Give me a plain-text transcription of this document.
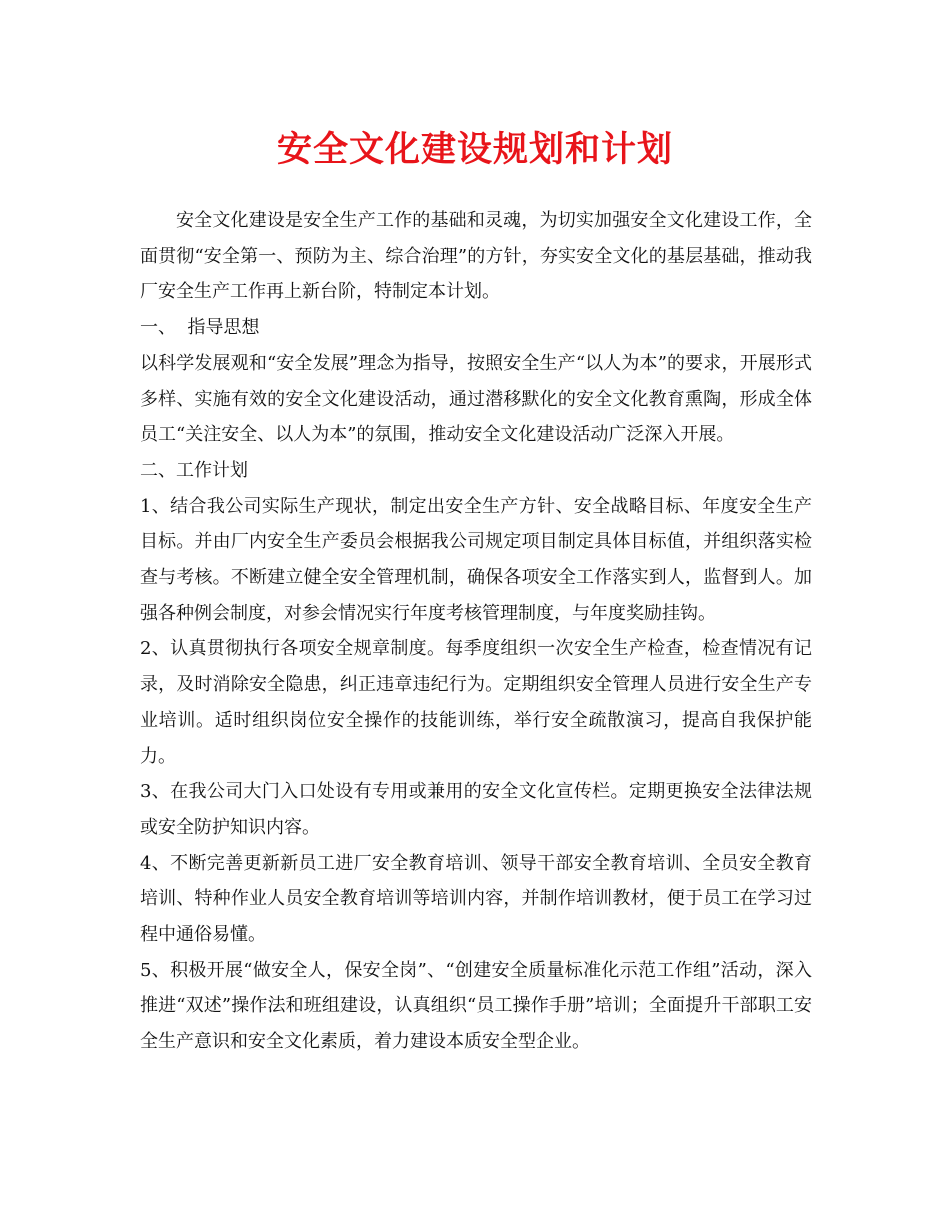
安全文化建设规划和计划

安全文化建设是安全生产工作的基础和灵魂，为切实加强安全文化建设工作，全面贯彻“安全第一、预防为主、综合治理”的方针，夯实安全文化的基层基础，推动我厂安全生产工作再上新台阶，特制定本计划。

一、  指导思想

以科学发展观和“安全发展”理念为指导，按照安全生产“以人为本”的要求，开展形式多样、实施有效的安全文化建设活动，通过潜移默化的安全文化教育熏陶，形成全体员工“关注安全、以人为本”的氛围，推动安全文化建设活动广泛深入开展。

二、工作计划

1、结合我公司实际生产现状，制定出安全生产方针、安全战略目标、年度安全生产目标。并由厂内安全生产委员会根据我公司规定项目制定具体目标值，并组织落实检查与考核。不断建立健全安全管理机制，确保各项安全工作落实到人，监督到人。加强各种例会制度，对参会情况实行年度考核管理制度，与年度奖励挂钩。

2、认真贯彻执行各项安全规章制度。每季度组织一次安全生产检查，检查情况有记录，及时消除安全隐患，纠正违章违纪行为。定期组织安全管理人员进行安全生产专业培训。适时组织岗位安全操作的技能训练，举行安全疏散演习，提高自我保护能力。

3、在我公司大门入口处设有专用或兼用的安全文化宣传栏。定期更换安全法律法规或安全防护知识内容。

4、不断完善更新新员工进厂安全教育培训、领导干部安全教育培训、全员安全教育培训、特种作业人员安全教育培训等培训内容，并制作培训教材，便于员工在学习过程中通俗易懂。

5、积极开展“做安全人，保安全岗”、“创建安全质量标准化示范工作组”活动，深入推进“双述”操作法和班组建设，认真组织“员工操作手册”培训；全面提升干部职工安全生产意识和安全文化素质，着力建设本质安全型企业。
